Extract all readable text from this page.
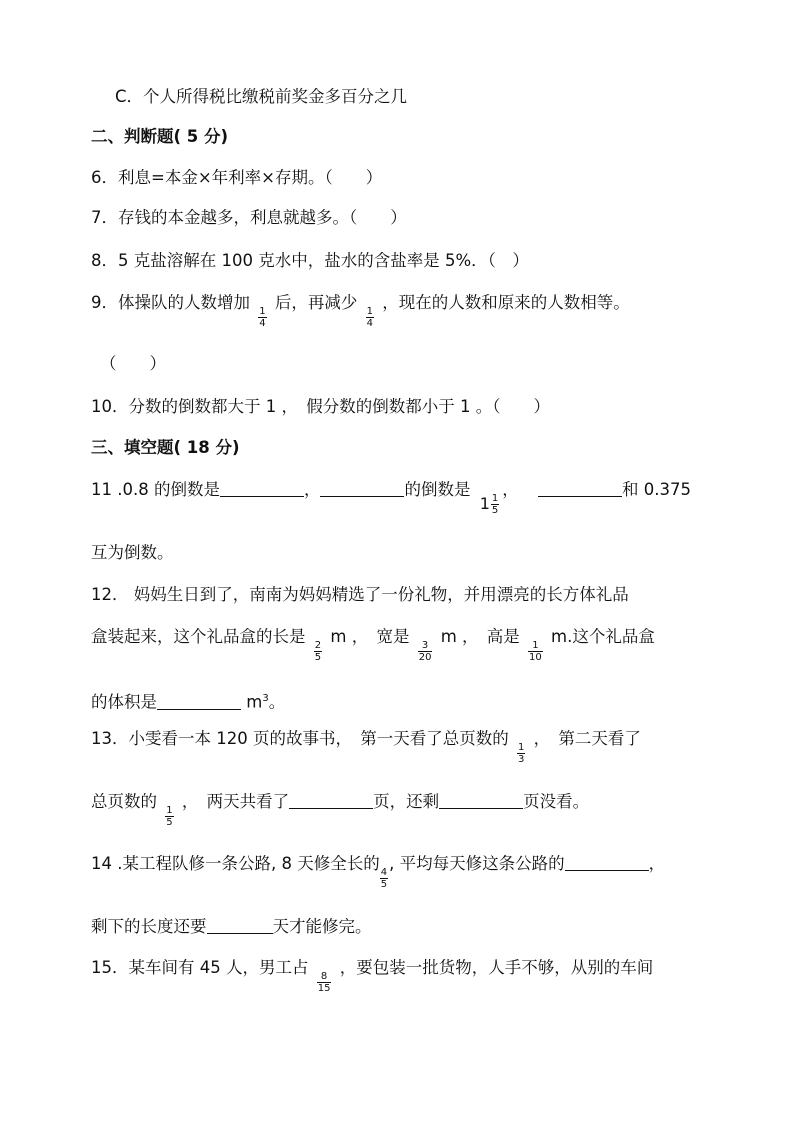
C．个人所得税比缴税前奖金多百分之几
二、判断题( 5 分)
6．利息=本金×年利率×存期。（　　）
7．存钱的本金越多，利息就越多。（　　）
8．5 克盐溶解在 100 克水中，盐水的含盐率是 5%．（　）
9．体操队的人数增加
$\frac{1}{4}$
后，再减少
$\frac{1}{4}$
，现在的人数和原来的人数相等。
（　　）
10．分数的倒数都大于 1 ，　假分数的倒数都小于 1 。（　　）
三、填空题( 18 分)
11 .0.8 的倒数是	，	的倒数是 $1 \frac{1}{5}$
，	和 0.375
互为倒数。
12． 妈妈生日到了，南南为妈妈精选了一份礼物，并用漂亮的长方体礼品
盒装起来，这个礼品盒的长是
$\frac{2}{5}$
m ，　宽是
$\frac{3}{20}$
m ，　高是
$\frac{1}{10}$
m.这个礼品盒
的体积是	$m^3$。
13．小雯看一本 120 页的故事书，　第一天看了总页数的
$\frac{1}{3}$
，　第二天看了
总页数的
$\frac{1}{5}$
，　两天共看了	页，还剩	页没看。
14 .某工程队修一条公路, 8 天修全长的
$\frac{4}{5}$
, 平均每天修这条公路的	，
剩下的长度还要	天才能修完。
15．某车间有 45 人，男工占
$\frac{8}{15}$
，要包装一批货物，人手不够，从别的车间
